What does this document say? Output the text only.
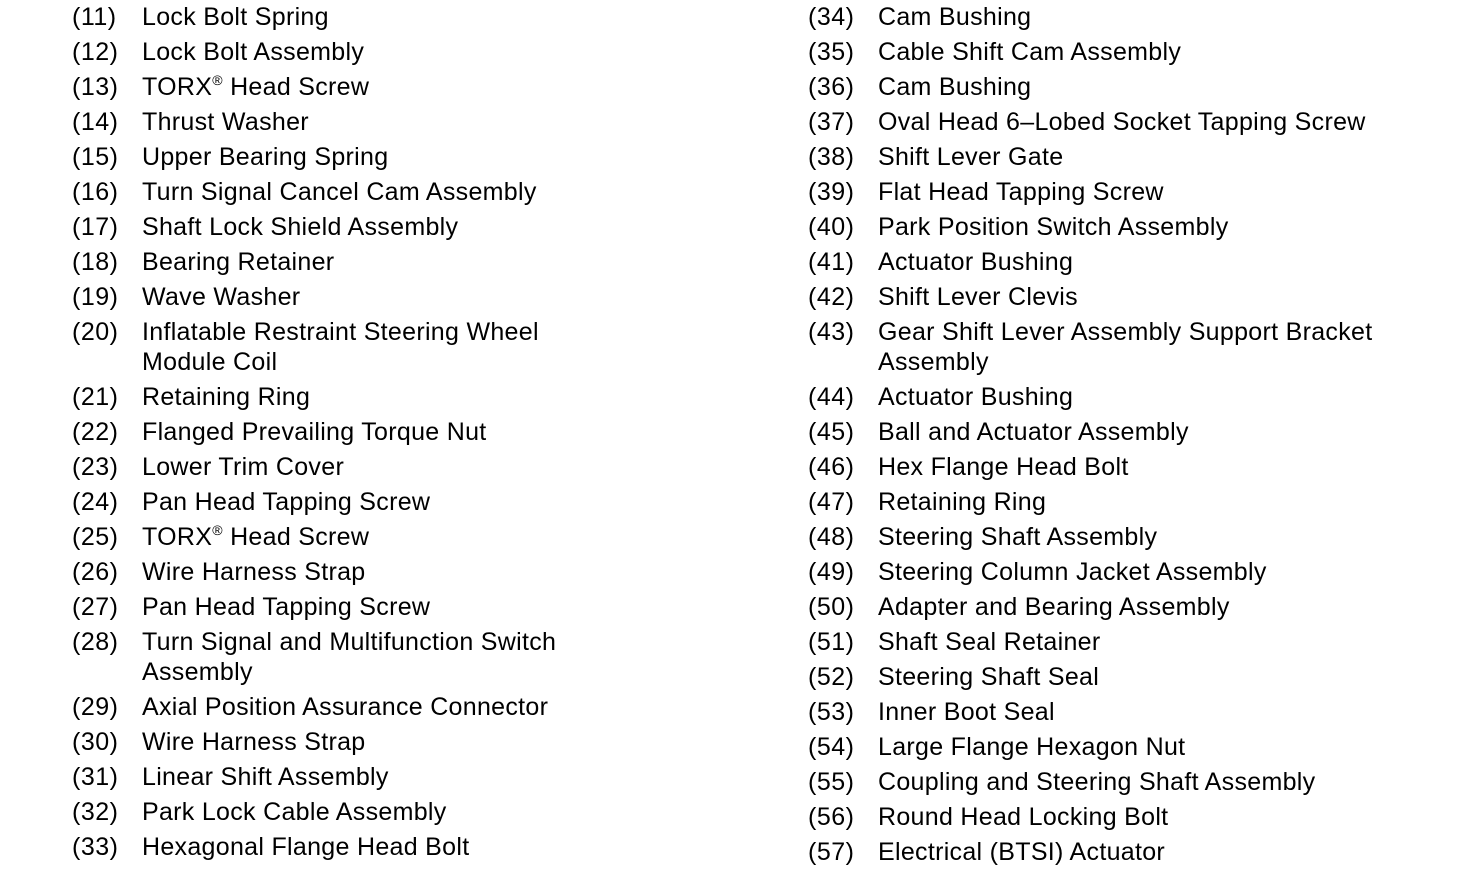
(11)	Lock Bolt Spring
(12) Lock Bolt Assembly
(13) TORX® Head Screw
(14) Thrust Washer
(15) Upper Bearing Spring
(16) Turn Signal Cancel Cam Assembly
(17) Shaft Lock Shield Assembly
(18) Bearing Retainer
(19) Wave Washer
(20) Inflatable Restraint Steering Wheel Module Coil
(21) Retaining Ring
(22) Flanged Prevailing Torque Nut
(23) Lower Trim Cover
(24) Pan Head Tapping Screw
(25) TORX® Head Screw
(26) Wire Harness Strap
(27) Pan Head Tapping Screw
(28) Turn Signal and Multifunction Switch Assembly
(29) Axial Position Assurance Connector
(30) Wire Harness Strap
(31) Linear Shift Assembly
(32) Park Lock Cable Assembly
(33) Hexagonal Flange Head Bolt
(34) Cam Bushing
(35) Cable Shift Cam Assembly
(36) Cam Bushing
(37) Oval Head 6–Lobed Socket Tapping Screw
(38) Shift Lever Gate
(39) Flat Head Tapping Screw
(40) Park Position Switch Assembly
(41) Actuator Bushing
(42) Shift Lever Clevis
(43) Gear Shift Lever Assembly Support Bracket Assembly
(44) Actuator Bushing
(45) Ball and Actuator Assembly
(46) Hex Flange Head Bolt
(47) Retaining Ring
(48) Steering Shaft Assembly
(49) Steering Column Jacket Assembly
(50) Adapter and Bearing Assembly
(51) Shaft Seal Retainer
(52) Steering Shaft Seal
(53) Inner Boot Seal
(54) Large Flange Hexagon Nut
(55) Coupling and Steering Shaft Assembly
(56) Round Head Locking Bolt
(57) Electrical (BTSI) Actuator
